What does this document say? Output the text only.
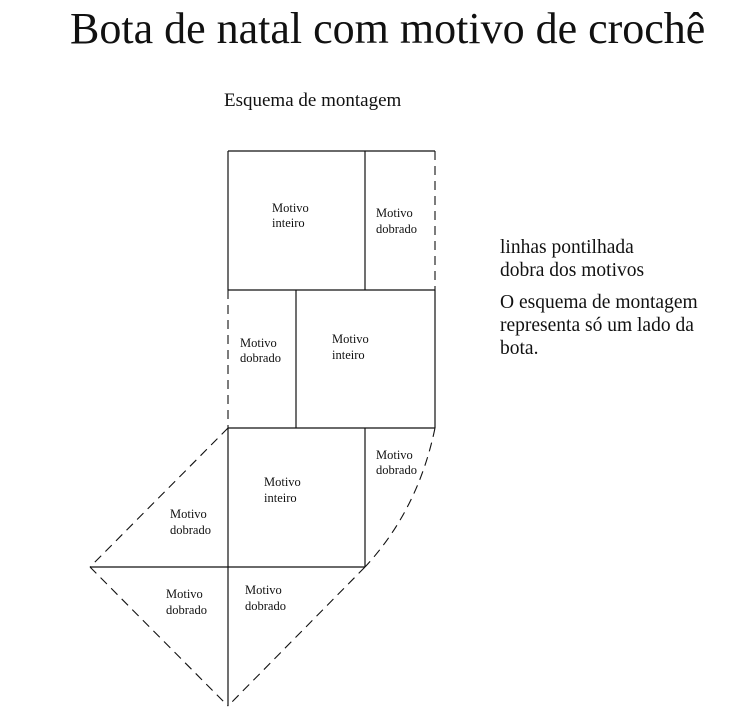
Bota de natal com motivo de crochê
Esquema de montagem

linhas pontilhada

dobra dos motivos

O esquema de montagem

representa só um lado da

bota.

Motivo
inteiro
Motivo
dobrado
Motivo
dobrado
Motivo
inteiro
Motivo
dobrado
Motivo
inteiro
Motivo
dobrado
Motivo
dobrado
Motivo
dobrado
